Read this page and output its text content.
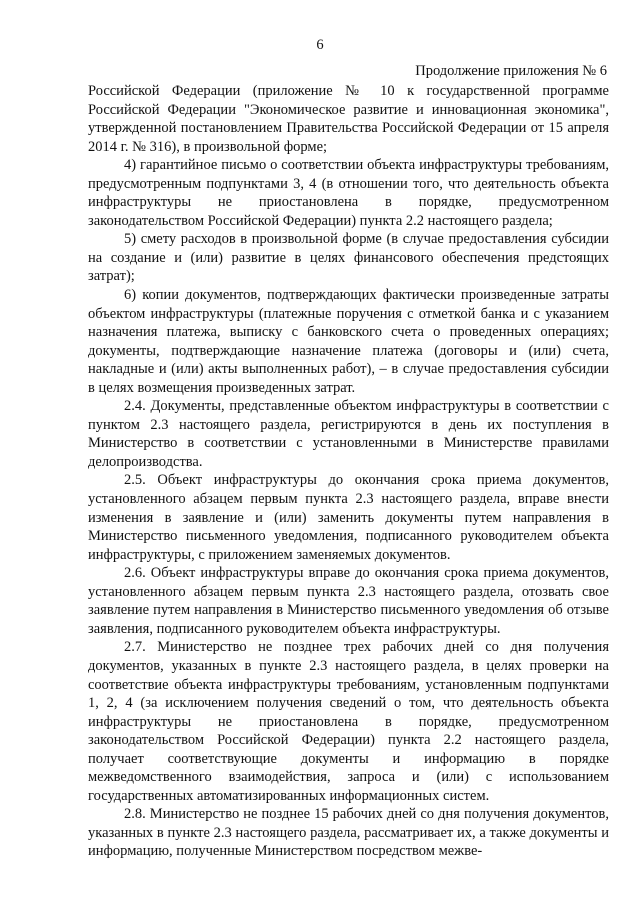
6
Продолжение приложения № 6

Российской Федерации (приложение № 10 к государственной программе Российской Федерации "Экономическое развитие и инновационная экономика", утвержденной постановлением Правительства Российской Федерации от 15 апреля 2014 г. № 316), в произвольной форме;

4) гарантийное письмо о соответствии объекта инфраструктуры требованиям, предусмотренным подпунктами 3, 4 (в отношении того, что деятельность объекта инфраструктуры не приостановлена в порядке, предусмотренном законодательством Российской Федерации) пункта 2.2 настоящего раздела;

5) смету расходов в произвольной форме (в случае предоставления субсидии на создание и (или) развитие в целях финансового обеспечения предстоящих затрат);

6) копии документов, подтверждающих фактически произведенные затраты объектом инфраструктуры (платежные поручения с отметкой банка и с указанием назначения платежа, выписку с банковского счета о проведенных операциях; документы, подтверждающие назначение платежа (договоры и (или) счета, накладные и (или) акты выполненных работ), – в случае предоставления субсидии в целях возмещения произведенных затрат.

2.4. Документы, представленные объектом инфраструктуры в соответствии с пунктом 2.3 настоящего раздела, регистрируются в день их поступления в Министерство в соответствии с установленными в Министерстве правилами делопроизводства.

2.5. Объект инфраструктуры до окончания срока приема документов, установленного абзацем первым пункта 2.3 настоящего раздела, вправе внести изменения в заявление и (или) заменить документы путем направления в Министерство письменного уведомления, подписанного руководителем объекта инфраструктуры, с приложением заменяемых документов.

2.6. Объект инфраструктуры вправе до окончания срока приема документов, установленного абзацем первым пункта 2.3 настоящего раздела, отозвать свое заявление путем направления в Министерство письменного уведомления об отзыве заявления, подписанного руководителем объекта инфраструктуры.

2.7. Министерство не позднее трех рабочих дней со дня получения документов, указанных в пункте 2.3 настоящего раздела, в целях проверки на соответствие объекта инфраструктуры требованиям, установленным подпунктами 1, 2, 4 (за исключением получения сведений о том, что деятельность объекта инфраструктуры не приостановлена в порядке, предусмотренном законодательством Российской Федерации) пункта 2.2 настоящего раздела, получает соответствующие документы и информацию в порядке межведомственного взаимодействия, запроса и (или) с использованием государственных автоматизированных информационных систем.

2.8. Министерство не позднее 15 рабочих дней со дня получения документов, указанных в пункте 2.3 настоящего раздела, рассматривает их, а также документы и информацию, полученные Министерством посредством межве-
